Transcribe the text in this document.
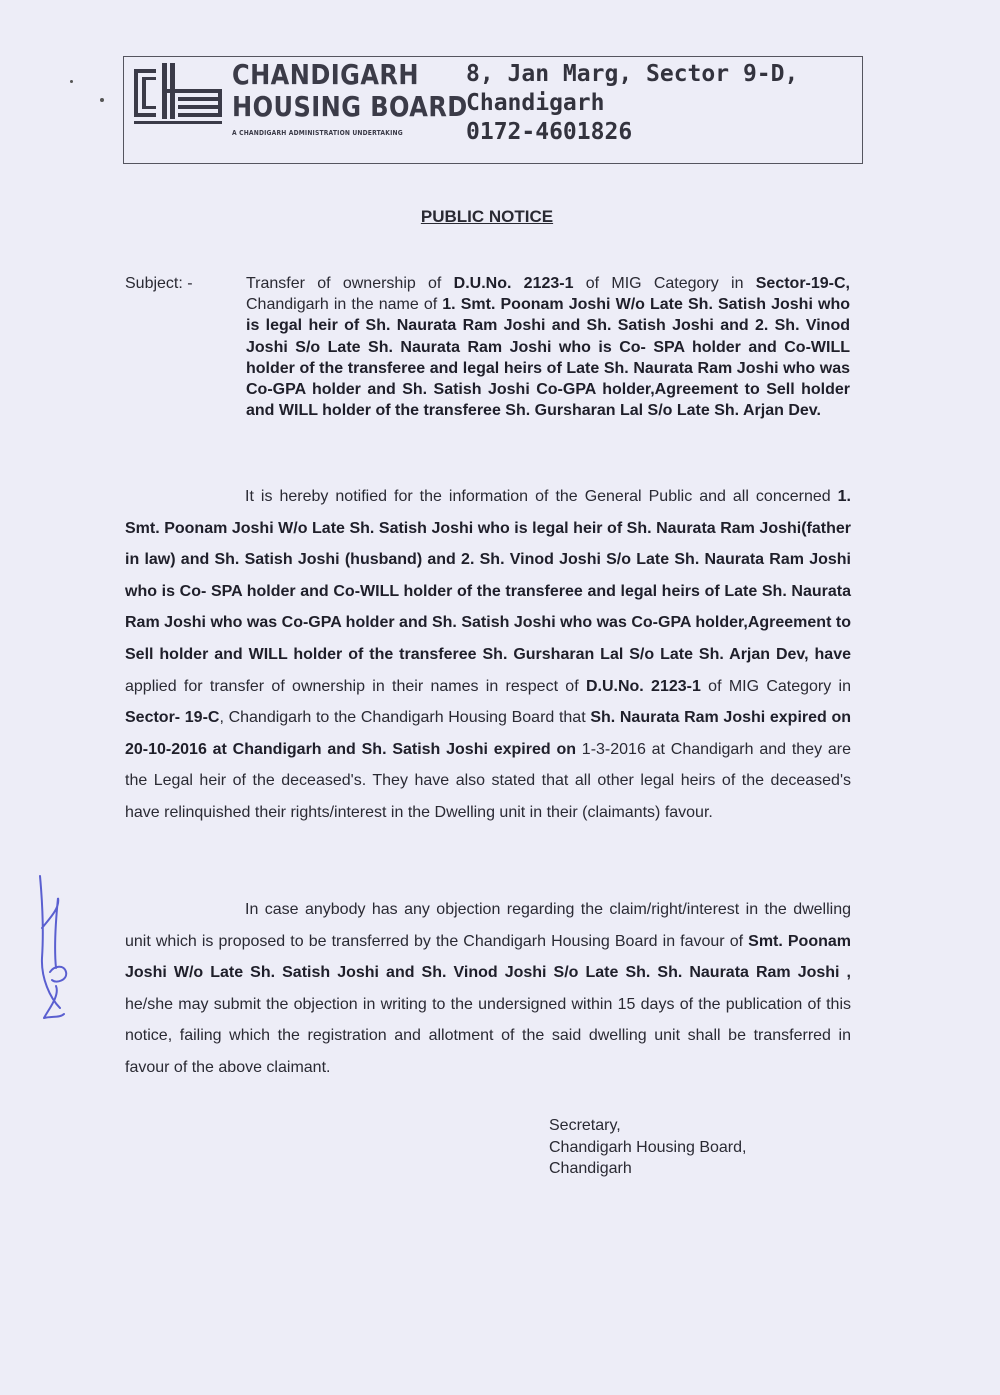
CHANDIGARH
HOUSING BOARD
A CHANDIGARH ADMINISTRATION UNDERTAKING
8, Jan Marg, Sector 9-D,
Chandigarh
0172-4601826
PUBLIC NOTICE
Subject: -	Transfer of ownership of D.U.No. 2123-1 of MIG Category in Sector-19-C, Chandigarh in the name of 1. Smt. Poonam Joshi W/o Late Sh. Satish Joshi who is legal heir of Sh. Naurata Ram Joshi and Sh. Satish Joshi and 2. Sh. Vinod Joshi S/o Late Sh. Naurata Ram Joshi who is Co- SPA holder and Co-WILL holder of the transferee and legal heirs of Late Sh. Naurata Ram Joshi who was Co-GPA holder and Sh. Satish Joshi Co-GPA holder,Agreement to Sell holder and WILL holder of the transferee Sh. Gursharan Lal S/o Late Sh. Arjan Dev.
It is hereby notified for the information of the General Public and all concerned 1. Smt. Poonam Joshi W/o Late Sh. Satish Joshi who is legal heir of Sh. Naurata Ram Joshi(father in law) and Sh. Satish Joshi (husband) and 2. Sh. Vinod Joshi S/o Late Sh. Naurata Ram Joshi who is Co- SPA holder and Co-WILL holder of the transferee and legal heirs of Late Sh. Naurata Ram Joshi who was Co-GPA holder and Sh. Satish Joshi who was Co-GPA holder,Agreement to Sell holder and WILL holder of the transferee Sh. Gursharan Lal S/o Late Sh. Arjan Dev, have applied for transfer of ownership in their names in respect of D.U.No. 2123-1 of MIG Category in Sector- 19-C, Chandigarh to the Chandigarh Housing Board that Sh. Naurata Ram Joshi expired on 20-10-2016 at Chandigarh and Sh. Satish Joshi expired on 1-3-2016 at Chandigarh and they are the Legal heir of the deceased's. They have also stated that all other legal heirs of the deceased's have relinquished their rights/interest in the Dwelling unit in their (claimants) favour.
In case anybody has any objection regarding the claim/right/interest in the dwelling unit which is proposed to be transferred by the Chandigarh Housing Board in favour of Smt. Poonam Joshi W/o Late Sh. Satish Joshi and Sh. Vinod Joshi S/o Late Sh. Sh. Naurata Ram Joshi , he/she may submit the objection in writing to the undersigned within 15 days of the publication of this notice, failing which the registration and allotment of the said dwelling unit shall be transferred in favour of the above claimant.
Secretary,
Chandigarh Housing Board,
Chandigarh
